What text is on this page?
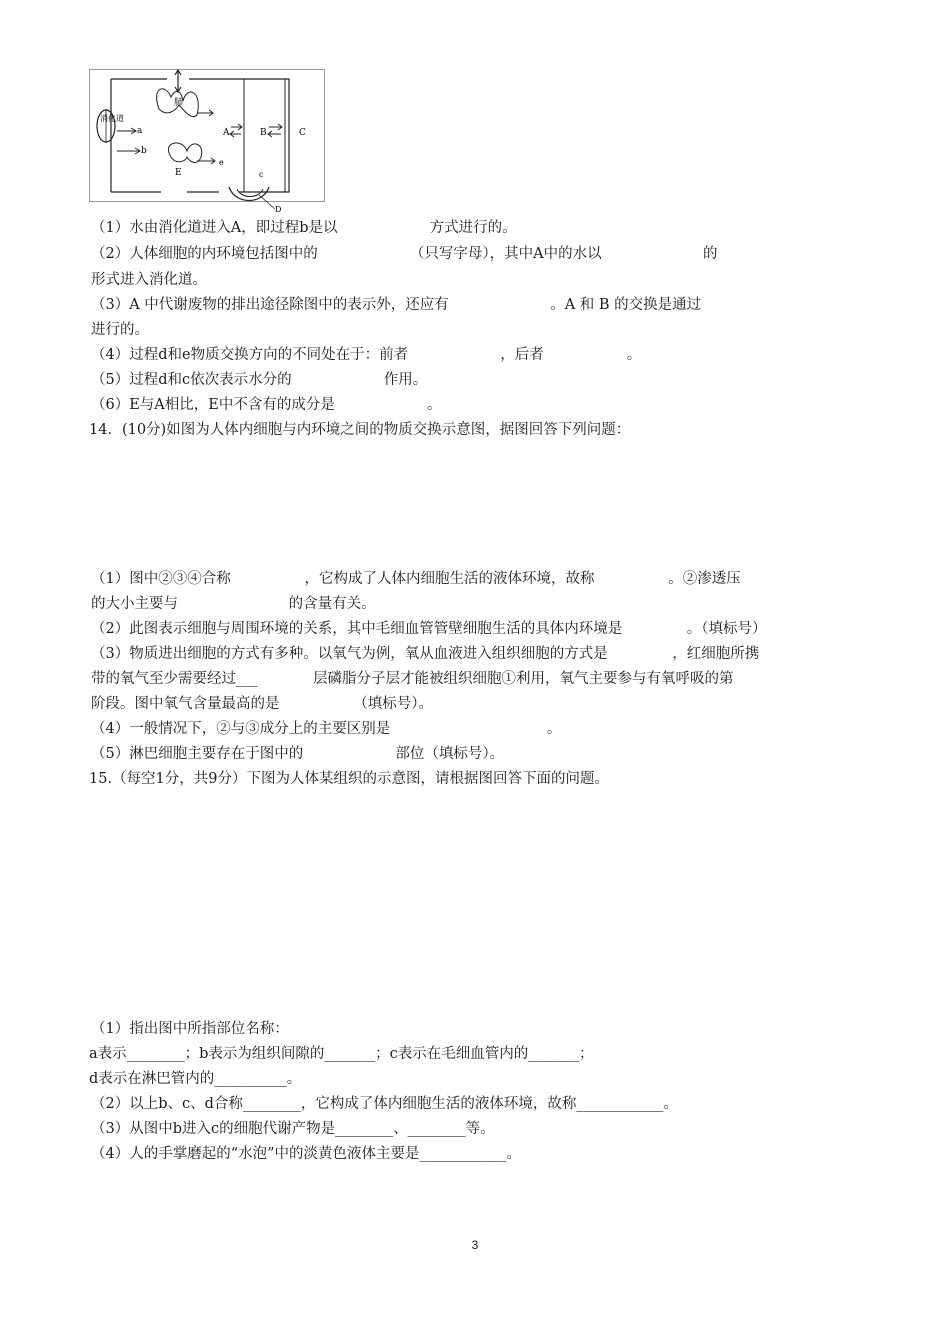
消化道
a
b
肺
A	B	C
E
e
c
D
（1）水由消化道进入A，即过程b是以                    方式进行的。
（2）人体细胞的内环境包括图中的                    （只写字母），其中A中的水以                      的
形式进入消化道。
（3）A 中代谢废物的排出途径除图中的表示外，还应有                      。A 和 B 的交换是通过
进行的。
（4）过程d和e物质交换方向的不同处在于：前者                    ，后者                  。
（5）过程d和c依次表示水分的                    作用。
（6）E与A相比，E中不含有的成分是                    。
14．(10分)如图为人体内细胞与内环境之间的物质交换示意图，据图回答下列问题：
（1）图中②③④合称                ，它构成了人体内细胞生活的液体环境，故称                。②渗透压
的大小主要与                        的含量有关。
（2）此图表示细胞与周围环境的关系，其中毛细血管管壁细胞生活的具体内环境是              。（填标号）
（3）物质进出细胞的方式有多种。以氧气为例，氧从血液进入组织细胞的方式是              ，红细胞所携
带的氧气至少需要经过___            层磷脂分子层才能被组织细胞①利用，氧气主要参与有氧呼吸的第
阶段。图中氧气含量最高的是                （填标号）。
（4）一般情况下，②与③成分上的主要区别是                                  。
（5）淋巴细胞主要存在于图中的                    部位（填标号）。
15.（每空1分，共9分）下图为人体某组织的示意图，请根据图回答下面的问题。
（1）指出图中所指部位名称：
a表示________；b表示为组织间隙的_______；c表示在毛细血管内的_______；
d表示在淋巴管内的__________。
（2）以上b、c、d合称________，它构成了体内细胞生活的液体环境，故称____________。
（3）从图中b进入c的细胞代谢产物是________、________等。
（4）人的手掌磨起的“水泡”中的淡黄色液体主要是____________。
3
